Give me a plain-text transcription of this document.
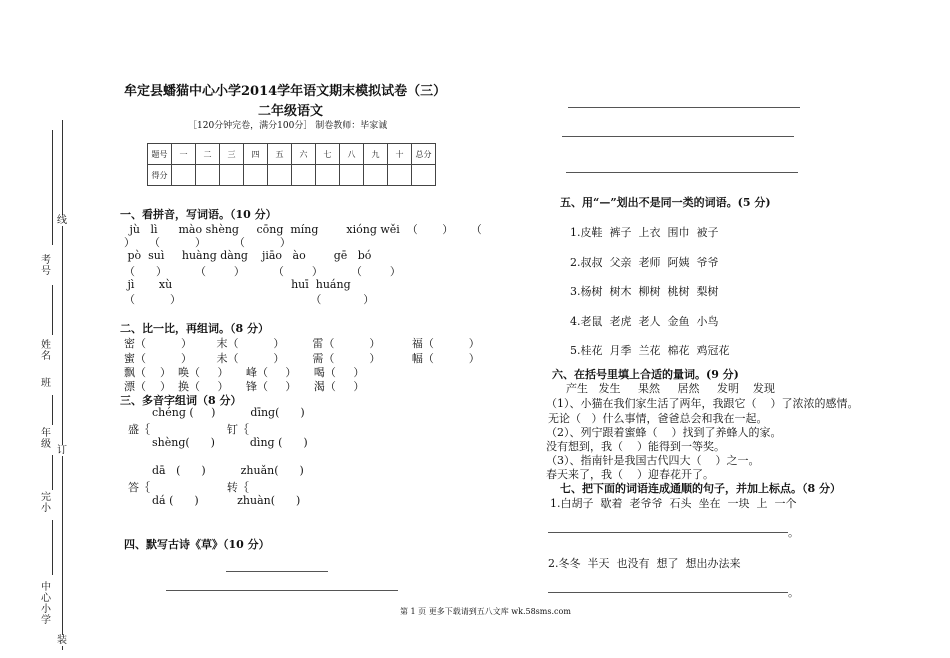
线
考号
姓名
班
年级
订
完小
中心小学
装
牟定县蟠猫中心小学2014学年语文期末模拟试卷（三）
二年级语文
［120分钟完卷，满分100分］ 制卷教师：毕家诚
题号	一	二	三	四	五	六	七	八	九	十	总分
得分											
一、看拼音，写词语。（10 分）
jù   lì      mào shèng     cōng  míng        xióng wěi  （       ）     （
）    （          ）        （          ）
pò  suì     huàng dàng    jiāo   ào        gē   bó
（      ）        （        ）        （        ）        （        ）
jì       xù                                  huī  huáng
（          ）                                     （            ）
二、比一比，再组词。（8 分）
密（          ）       末（          ）        雷（          ）         福（          ）
蜜（          ）       未（          ）        需（          ）         幅（          ）
飘（    ）  唤（     ）     峰（     ）     喝（     ）
漂（    ）  换（     ）     锋（     ）     渴（     ）
三、多音字组词（8 分）
chénɡ (     )          dīnɡ(      )
盛｛                      钉｛
shènɡ(      )          dìnɡ (      )
dā   (      )          zhuǎn(      )
答｛                      转｛
dá (      )           zhuàn(      )
四、默写古诗《草》（10 分）
五、用“—”划出不是同一类的词语。(5 分)
1.皮鞋  裤子  上衣  围巾  被子
2.叔叔  父亲  老师  阿姨  爷爷
3.杨树  树木  柳树  桃树  梨树
4.老鼠  老虎  老人  金鱼  小鸟
5.桂花  月季  兰花  棉花  鸡冠花
六、在括号里填上合适的量词。(9 分)
产生   发生     果然     居然     发明    发现
（1）、小猫在我们家生活了两年，我跟它（    ）了浓浓的感情。
无论（   ）什么事情，爸爸总会和我在一起。
（2）、列宁跟着蜜蜂（    ）找到了养蜂人的家。
没有想到，我（    ）能得到一等奖。
（3）、指南针是我国古代四大（    ）之一。
春天来了，我（    ）迎春花开了。
七、把下面的词语连成通顺的句子，并加上标点。（8 分）
1.白胡子  歇着  老爷爷  石头  坐在  一块  上  一个
。
2.冬冬  半天  也没有  想了  想出办法来
。
第 1 页 更多下载请到五八文库 wk.58sms.com
